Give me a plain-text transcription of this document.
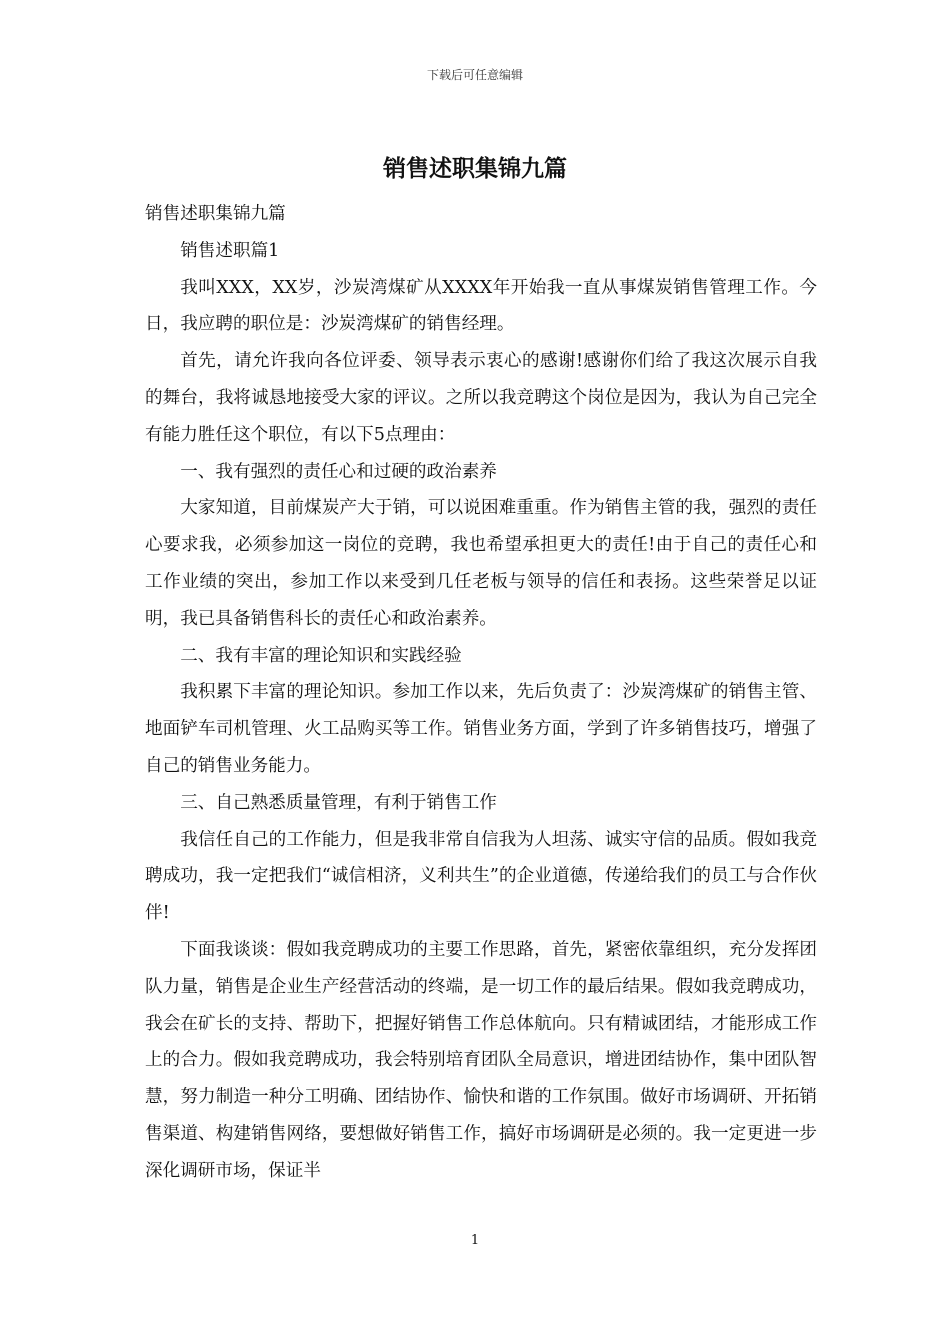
下载后可任意编辑
销售述职集锦九篇

销售述职集锦九篇

销售述职篇1

我叫XXX，XX岁，沙炭湾煤矿从XXXX年开始我一直从事煤炭销售管理工作。今日，我应聘的职位是：沙炭湾煤矿的销售经理。

首先，请允许我向各位评委、领导表示衷心的感谢!感谢你们给了我这次展示自我的舞台，我将诚恳地接受大家的评议。之所以我竞聘这个岗位是因为，我认为自己完全有能力胜任这个职位，有以下5点理由：

一、我有强烈的责任心和过硬的政治素养

大家知道，目前煤炭产大于销，可以说困难重重。作为销售主管的我，强烈的责任心要求我，必须参加这一岗位的竞聘，我也希望承担更大的责任!由于自己的责任心和工作业绩的突出，参加工作以来受到几任老板与领导的信任和表扬。这些荣誉足以证明，我已具备销售科长的责任心和政治素养。

二、我有丰富的理论知识和实践经验

我积累下丰富的理论知识。参加工作以来，先后负责了：沙炭湾煤矿的销售主管、地面铲车司机管理、火工品购买等工作。销售业务方面，学到了许多销售技巧，增强了自己的销售业务能力。

三、自己熟悉质量管理，有利于销售工作

我信任自己的工作能力，但是我非常自信我为人坦荡、诚实守信的品质。假如我竞聘成功，我一定把我们“诚信相济，义利共生”的企业道德，传递给我们的员工与合作伙伴!

下面我谈谈：假如我竞聘成功的主要工作思路，首先，紧密依靠组织，充分发挥团队力量，销售是企业生产经营活动的终端，是一切工作的最后结果。假如我竞聘成功，我会在矿长的支持、帮助下，把握好销售工作总体航向。只有精诚团结，才能形成工作上的合力。假如我竞聘成功，我会特别培育团队全局意识，增进团结协作，集中团队智慧，努力制造一种分工明确、团结协作、愉快和谐的工作氛围。做好市场调研、开拓销售渠道、构建销售网络，要想做好销售工作，搞好市场调研是必须的。我一定更进一步深化调研市场，保证半

1
